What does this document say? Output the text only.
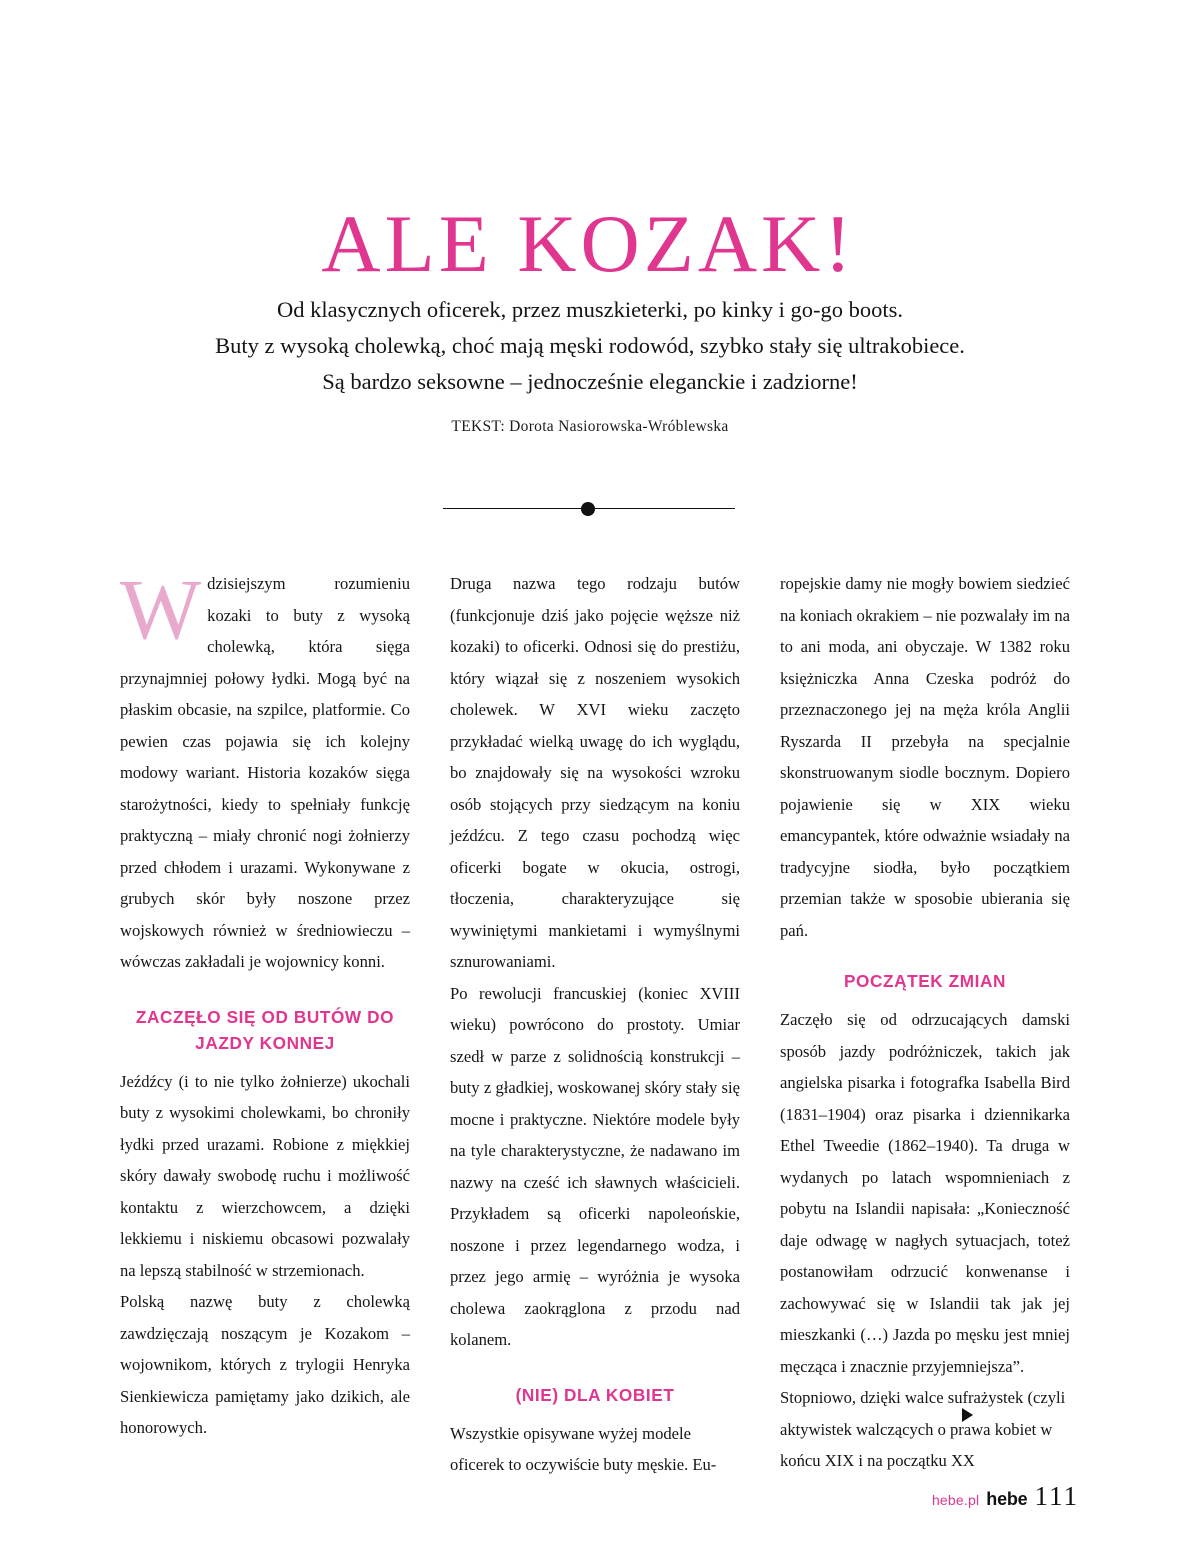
ALE KOZAK!
Od klasycznych oficerek, przez muszkieterki, po kinky i go-go boots.
Buty z wysoką cholewką, choć mają męski rodowód, szybko stały się ultrakobiece.
Są bardzo seksowne – jednocześnie eleganckie i zadziorne!
TEKST: Dorota Nasiorowska-Wróblewska

Wdzisiejszym rozumieniu kozaki to buty z wysoką cholewką, która sięga przynajmniej połowy łydki. Mogą być na płaskim obcasie, na szpilce, platformie. Co pewien czas pojawia się ich kolejny modowy wariant. Historia kozaków sięga starożytności, kiedy to spełniały funkcję praktyczną – miały chronić nogi żołnierzy przed chłodem i urazami. Wykonywane z grubych skór były noszone przez wojskowych również w średniowieczu – wówczas zakładali je wojownicy konni.

ZACZĘŁO SIĘ OD BUTÓW DO JAZDY KONNEJ

Jeźdźcy (i to nie tylko żołnierze) ukochali buty z wysokimi cholewkami, bo chroniły łydki przed urazami. Robione z miękkiej skóry dawały swobodę ruchu i możliwość kontaktu z wierzchowcem, a dzięki lekkiemu i niskiemu obcasowi pozwalały na lepszą stabilność w strzemionach.

Polską nazwę buty z cholewką zawdzięczają noszącym je Kozakom – wojownikom, których z trylogii Henryka Sienkiewicza pamiętamy jako dzikich, ale honorowych.

Druga nazwa tego rodzaju butów (funkcjonuje dziś jako pojęcie węższe niż kozaki) to oficerki. Odnosi się do prestiżu, który wiązał się z noszeniem wysokich cholewek. W XVI wieku zaczęto przykładać wielką uwagę do ich wyglądu, bo znajdowały się na wysokości wzroku osób stojących przy siedzącym na koniu jeźdźcu. Z tego czasu pochodzą więc oficerki bogate w okucia, ostrogi, tłoczenia, charakteryzujące się wywiniętymi mankietami i wymyślnymi sznurowaniami.

Po rewolucji francuskiej (koniec XVIII wieku) powrócono do prostoty. Umiar szedł w parze z solidnością konstrukcji – buty z gładkiej, woskowanej skóry stały się mocne i praktyczne. Niektóre modele były na tyle charakterystyczne, że nadawano im nazwy na cześć ich sławnych właścicieli. Przykładem są oficerki napoleońskie, noszone i przez legendarnego wodza, i przez jego armię – wyróżnia je wysoka cholewa zaokrąglona z przodu nad kolanem.

(NIE) DLA KOBIET

Wszystkie opisywane wyżej modele oficerek to oczywiście buty męskie. Eu-

ropejskie damy nie mogły bowiem siedzieć na koniach okrakiem – nie pozwalały im na to ani moda, ani obyczaje. W 1382 roku księżniczka Anna Czeska podróż do przeznaczonego jej na męża króla Anglii Ryszarda II przebyła na specjalnie skonstruowanym siodle bocznym. Dopiero pojawienie się w XIX wieku emancypantek, które odważnie wsiadały na tradycyjne siodła, było początkiem przemian także w sposobie ubierania się pań.

POCZĄTEK ZMIAN

Zaczęło się od odrzucających damski sposób jazdy podróżniczek, takich jak angielska pisarka i fotografka Isabella Bird (1831–1904) oraz pisarka i dziennikarka Ethel Tweedie (1862–1940). Ta druga w wydanych po latach wspomnieniach z pobytu na Islandii napisała: „Konieczność daje odwagę w nagłych sytuacjach, toteż postanowiłam odrzucić konwenanse i zachowywać się w Islandii tak jak jej mieszkanki (…) Jazda po męsku jest mniej męcząca i znacznie przyjemniejsza”.

Stopniowo, dzięki walce sufrażystek (czyli aktywistek walczących o prawa kobiet w końcu XIX i na początku XX

hebe.pl hebe 111
